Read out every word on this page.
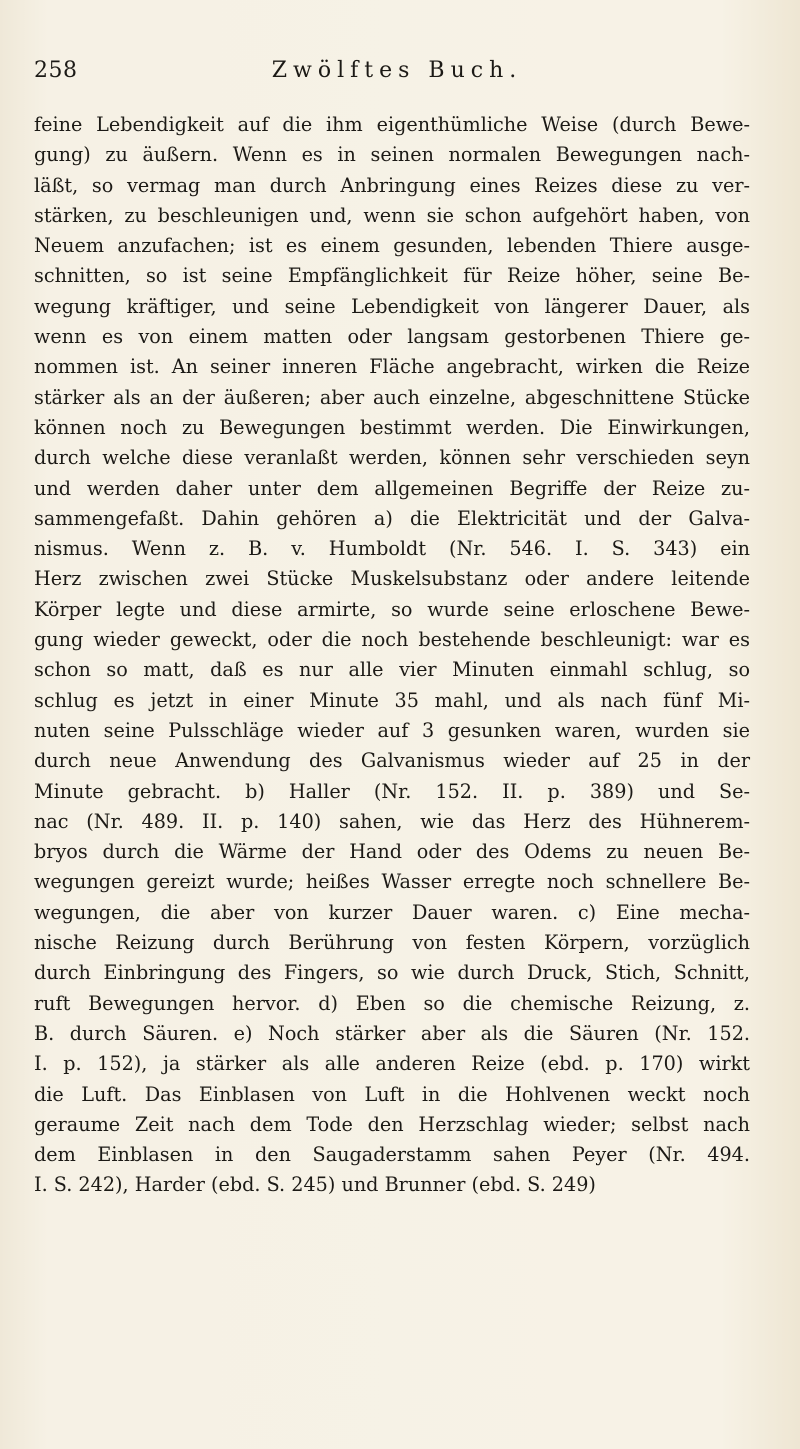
258	Zwölftes Buch.
feine Lebendigkeit auf die ihm eigenthümliche Weise (durch Bewe-
gung) zu äußern. Wenn es in seinen normalen Bewegungen nach-
läßt, so vermag man durch Anbringung eines Reizes diese zu ver-
stärken, zu beschleunigen und, wenn sie schon aufgehört haben, von
Neuem anzufachen; ist es einem gesunden, lebenden Thiere ausge-
schnitten, so ist seine Empfänglichkeit für Reize höher, seine Be-
wegung kräftiger, und seine Lebendigkeit von längerer Dauer, als
wenn es von einem matten oder langsam gestorbenen Thiere ge-
nommen ist. An seiner inneren Fläche angebracht, wirken die Reize
stärker als an der äußeren; aber auch einzelne, abgeschnittene Stücke
können noch zu Bewegungen bestimmt werden. Die Einwirkungen,
durch welche diese veranlaßt werden, können sehr verschieden seyn
und werden daher unter dem allgemeinen Begriffe der Reize zu-
sammengefaßt. Dahin gehören a) die Elektricität und der Galva-
nismus. Wenn z. B. v. Humboldt (Nr. 546. I. S. 343) ein
Herz zwischen zwei Stücke Muskelsubstanz oder andere leitende
Körper legte und diese armirte, so wurde seine erloschene Bewe-
gung wieder geweckt, oder die noch bestehende beschleunigt: war es
schon so matt, daß es nur alle vier Minuten einmahl schlug, so
schlug es jetzt in einer Minute 35 mahl, und als nach fünf Mi-
nuten seine Pulsschläge wieder auf 3 gesunken waren, wurden sie
durch neue Anwendung des Galvanismus wieder auf 25 in der
Minute gebracht. b) Haller (Nr. 152. II. p. 389) und Se-
nac (Nr. 489. II. p. 140) sahen, wie das Herz des Hühnerem-
bryos durch die Wärme der Hand oder des Odems zu neuen Be-
wegungen gereizt wurde; heißes Wasser erregte noch schnellere Be-
wegungen, die aber von kurzer Dauer waren. c) Eine mecha-
nische Reizung durch Berührung von festen Körpern, vorzüglich
durch Einbringung des Fingers, so wie durch Druck, Stich, Schnitt,
ruft Bewegungen hervor. d) Eben so die chemische Reizung, z.
B. durch Säuren. e) Noch stärker aber als die Säuren (Nr. 152.
I. p. 152), ja stärker als alle anderen Reize (ebd. p. 170) wirkt
die Luft. Das Einblasen von Luft in die Hohlvenen weckt noch
geraume Zeit nach dem Tode den Herzschlag wieder; selbst nach
dem Einblasen in den Saugaderstamm sahen Peyer (Nr. 494.
I. S. 242), Harder (ebd. S. 245) und Brunner (ebd. S. 249)
